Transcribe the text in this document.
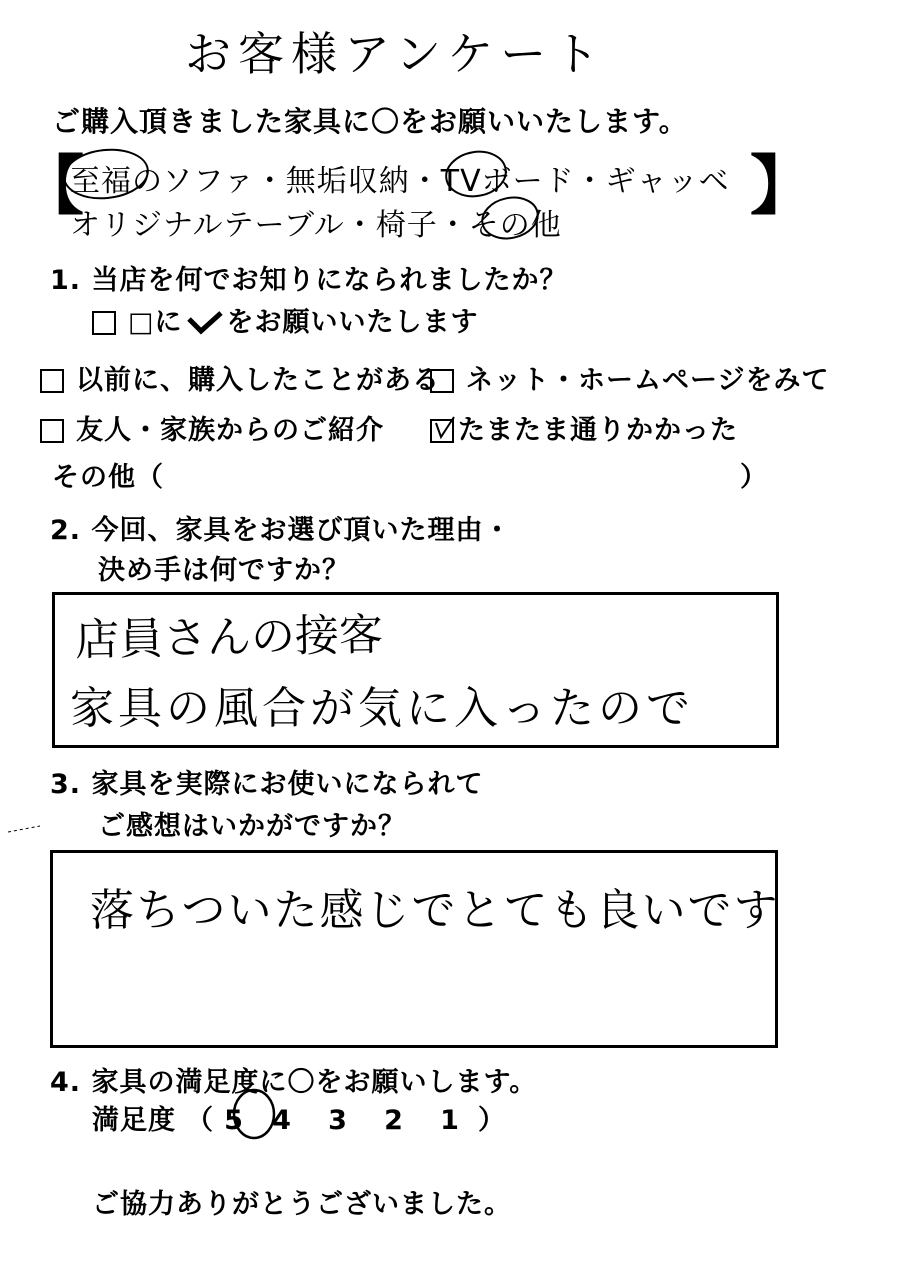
お客様アンケート
ご購入頂きました家具に〇をお願いいたします。
【
至福のソファ・無垢収納・TVボード・ギャッベ
オリジナルテーブル・椅子・その他
】
1. 当店を何でお知りになられましたか？
□に をお願いいたします
以前に、購入したことがある ネット・ホームページをみて
友人・家族からのご紹介	たまたま通りかかった
その他（	）
2. 今回、家具をお選び頂いた理由・
決め手は何ですか？
店員さんの接客
家具の風合が気に入ったので
3. 家具を実際にお使いになられて
ご感想はいかがですか？
落ちついた感じでとても良いです
4. 家具の満足度に〇をお願いします。
満足度 （ 5 4 3 2 1 ）
ご協力ありがとうございました。
